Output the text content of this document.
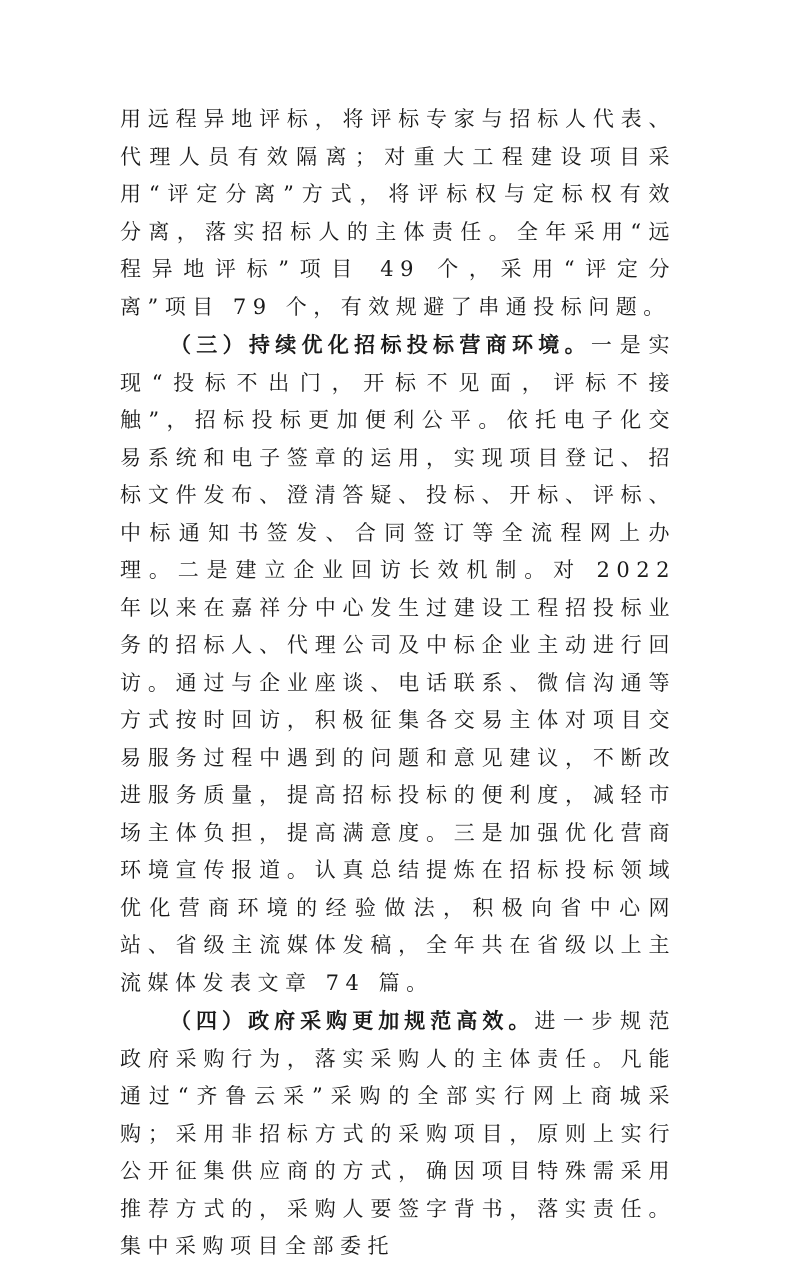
用远程异地评标，将评标专家与招标人代表、代理人员有效隔离；对重大工程建设项目采用“评定分离”方式，将评标权与定标权有效分离，落实招标人的主体责任。全年采用“远程异地评标”项目 49 个，采用“评定分离”项目 79 个，有效规避了串通投标问题。

（三）持续优化招标投标营商环境。一是实现“投标不出门，开标不见面，评标不接触”，招标投标更加便利公平。依托电子化交易系统和电子签章的运用，实现项目登记、招标文件发布、澄清答疑、投标、开标、评标、中标通知书签发、合同签订等全流程网上办理。二是建立企业回访长效机制。对 2022 年以来在嘉祥分中心发生过建设工程招投标业务的招标人、代理公司及中标企业主动进行回访。通过与企业座谈、电话联系、微信沟通等方式按时回访，积极征集各交易主体对项目交易服务过程中遇到的问题和意见建议，不断改进服务质量，提高招标投标的便利度，减轻市场主体负担，提高满意度。三是加强优化营商环境宣传报道。认真总结提炼在招标投标领域优化营商环境的经验做法，积极向省中心网站、省级主流媒体发稿，全年共在省级以上主流媒体发表文章 74 篇。

（四）政府采购更加规范高效。进一步规范政府采购行为，落实采购人的主体责任。凡能通过“齐鲁云采”采购的全部实行网上商城采购；采用非招标方式的采购项目，原则上实行公开征集供应商的方式，确因项目特殊需采用推荐方式的，采购人要签字背书，落实责任。集中采购项目全部委托
